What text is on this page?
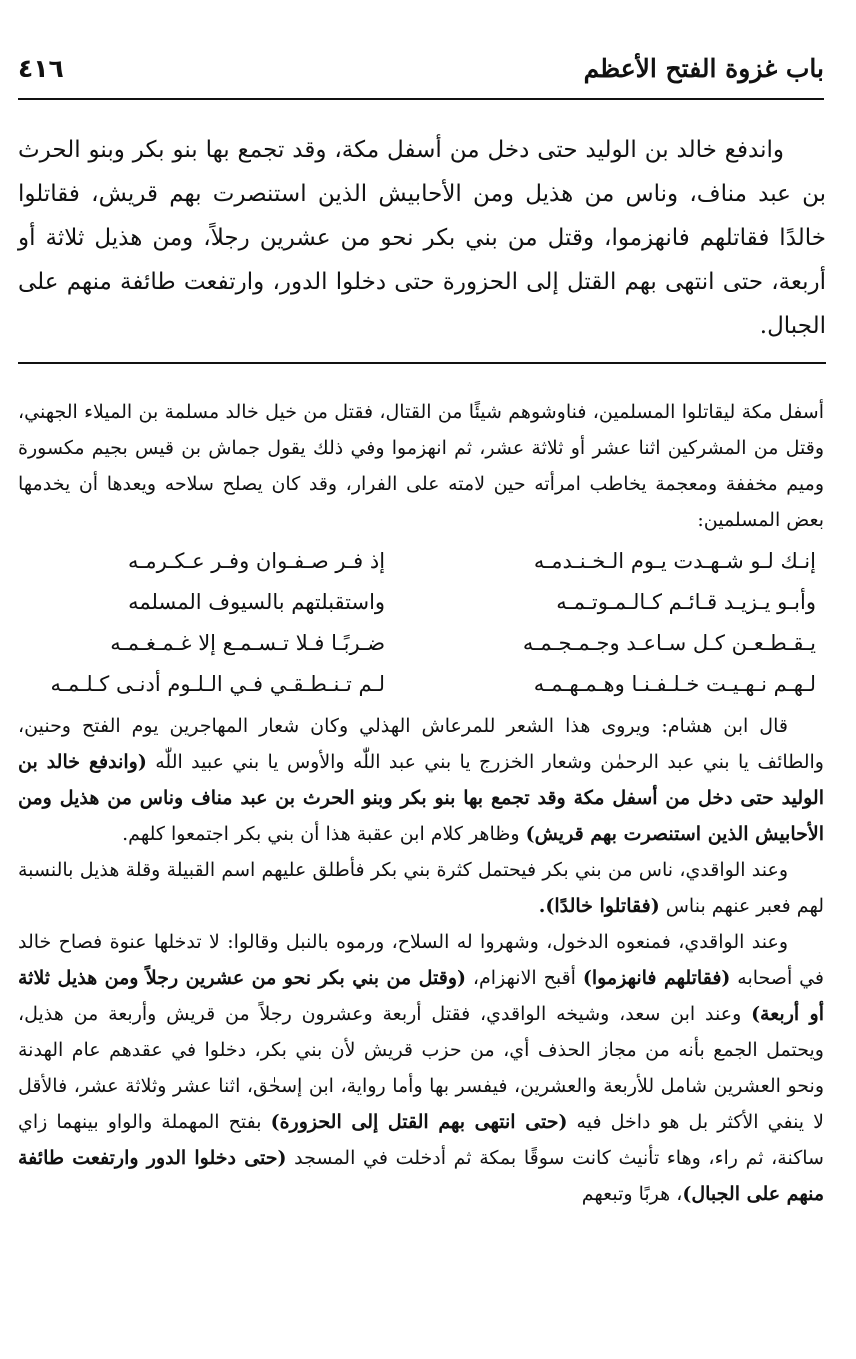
باب غزوة الفتح الأعظم
٤١٦
واندفع خالد بن الوليد حتى دخل من أسفل مكة، وقد تجمع بها بنو بكر وبنو الحرث بن عبد مناف، وناس من هذيل ومن الأحابيش الذين استنصرت بهم قريش، فقاتلوا خالدًا فقاتلهم فانهزموا، وقتل من بني بكر نحو من عشرين رجلاً، ومن هذيل ثلاثة أو أربعة، حتى انتهى بهم القتل إلى الحزورة حتى دخلوا الدور، وارتفعت طائفة منهم على الجبال.

أسفل مكة ليقاتلوا المسلمين، فناوشوهم شيئًا من القتال، فقتل من خيل خالد مسلمة بن الميلاء الجهني، وقتل من المشركين اثنا عشر أو ثلاثة عشر، ثم انهزموا وفي ذلك يقول جماش بن قيس بجيم مكسورة وميم مخففة ومعجمة يخاطب امرأته حين لامته على الفرار، وقد كان يصلح سلاحه ويعدها أن يخدمها بعض المسلمين:

إنـك لـو شـهـدت يـوم الـخـنـدمـه
إذ فـر صـفـوان وفـر عـكـرمـه
وأبـو يـزيـد قـائـم كـالـمـوتـمـه
واستقبلتهم بالسيوف المسلمه
يـقـطـعـن كـل سـاعـد وجـمـجـمـه
ضـربًـا فـلا تـسـمـع إلا غـمـغـمـه
لـهـم نـهـيـت خـلـفـنـا وهـمـهـمـه
لـم تـنـطـقـي فـي الـلـوم أدنـى كـلـمـه

قال ابن هشام: ويروى هذا الشعر للمرعاش الهذلي وكان شعار المهاجرين يوم الفتح وحنين، والطائف يا بني عبد الرحمٰن وشعار الخزرج يا بني عبد اللّٰه والأوس يا بني عبيد اللّٰه (واندفع خالد بن الوليد حتى دخل من أسفل مكة وقد تجمع بها بنو بكر وبنو الحرث بن عبد مناف وناس من هذيل ومن الأحابيش الذين استنصرت بهم قريش) وظاهر كلام ابن عقبة هذا أن بني بكر اجتمعوا كلهم.

وعند الواقدي، ناس من بني بكر فيحتمل كثرة بني بكر فأطلق عليهم اسم القبيلة وقلة هذيل بالنسبة لهم فعبر عنهم بناس (فقاتلوا خالدًا).

وعند الواقدي، فمنعوه الدخول، وشهروا له السلاح، ورموه بالنبل وقالوا: لا تدخلها عنوة فصاح خالد في أصحابه (فقاتلهم فانهزموا) أقبح الانهزام، (وقتل من بني بكر نحو من عشرين رجلاً ومن هذيل ثلاثة أو أربعة) وعند ابن سعد، وشيخه الواقدي، فقتل أربعة وعشرون رجلاً من قريش وأربعة من هذيل، ويحتمل الجمع بأنه من مجاز الحذف أي، من حزب قريش لأن بني بكر، دخلوا في عقدهم عام الهدنة ونحو العشرين شامل للأربعة والعشرين، فيفسر بها وأما رواية، ابن إسحٰق، اثنا عشر وثلاثة عشر، فالأقل لا ينفي الأكثر بل هو داخل فيه (حتى انتهى بهم القتل إلى الحزورة) بفتح المهملة والواو بينهما زاي ساكنة، ثم راء، وهاء تأنيث كانت سوقًا بمكة ثم أدخلت في المسجد (حتى دخلوا الدور وارتفعت طائفة منهم على الجبال)، هربًا وتبعهم
